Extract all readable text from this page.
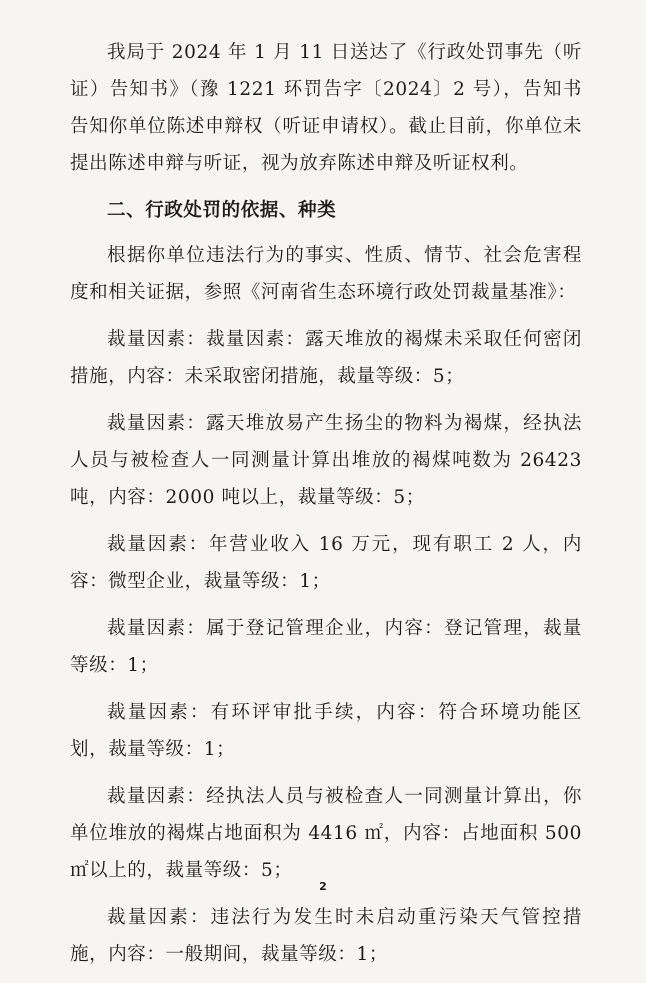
我局于 2024 年 1 月 11 日送达了《行政处罚事先（听证）告知书》（豫 1221 环罚告字〔2024〕2 号），告知书告知你单位陈述申辩权（听证申请权）。截止目前，你单位未提出陈述申辩与听证，视为放弃陈述申辩及听证权利。

二、行政处罚的依据、种类

根据你单位违法行为的事实、性质、情节、社会危害程度和相关证据，参照《河南省生态环境行政处罚裁量基准》：

裁量因素：裁量因素：露天堆放的褐煤未采取任何密闭措施，内容：未采取密闭措施，裁量等级：5；

裁量因素：露天堆放易产生扬尘的物料为褐煤，经执法人员与被检查人一同测量计算出堆放的褐煤吨数为 26423 吨，内容：2000 吨以上，裁量等级：5；

裁量因素：年营业收入 16 万元，现有职工 2 人，内容：微型企业，裁量等级：1；

裁量因素：属于登记管理企业，内容：登记管理，裁量等级：1；

裁量因素：有环评审批手续，内容：符合环境功能区划，裁量等级：1；

裁量因素：经执法人员与被检查人一同测量计算出，你单位堆放的褐煤占地面积为 4416 ㎡，内容：占地面积 500 ㎡以上的，裁量等级：5；

裁量因素：违法行为发生时未启动重污染天气管控措施，内容：一般期间，裁量等级：1；

2
